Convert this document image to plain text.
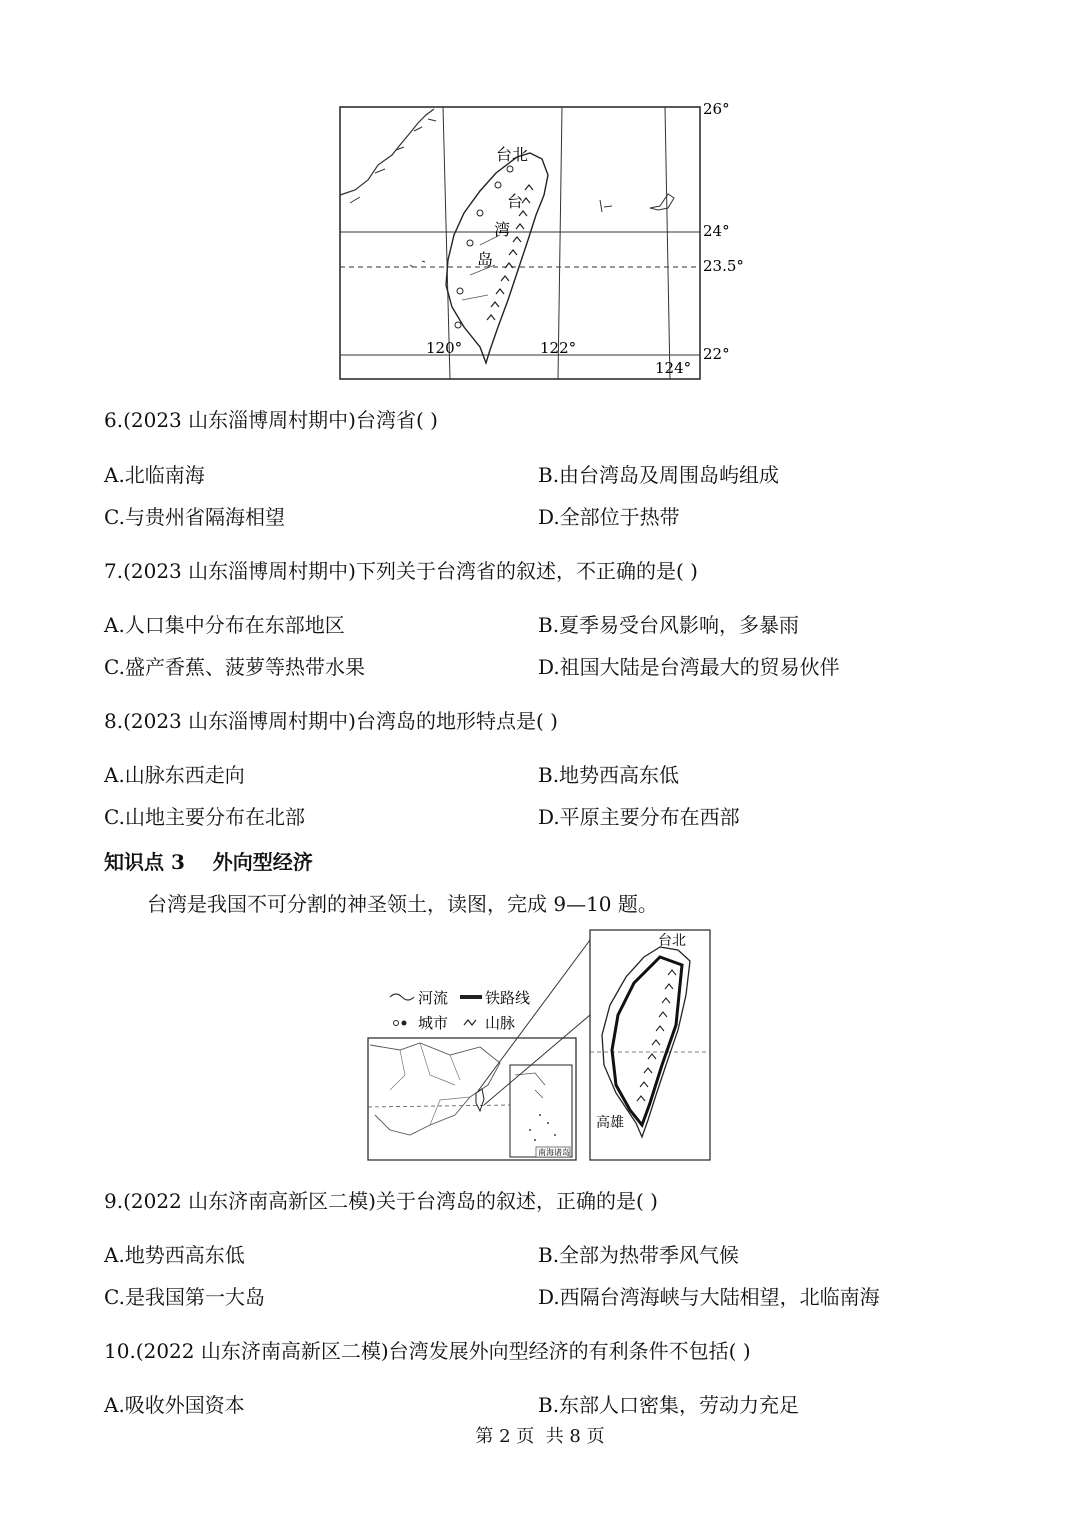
26°
24°
23.5°
22°
120°	122°
124°
台北
台
湾
岛
6.(2023 山东淄博周村期中)台湾省( )
A.北临南海	B.由台湾岛及周围岛屿组成
C.与贵州省隔海相望	D.全部位于热带
7.(2023 山东淄博周村期中)下列关于台湾省的叙述，不正确的是( )
A.人口集中分布在东部地区	B.夏季易受台风影响，多暴雨
C.盛产香蕉、菠萝等热带水果	D.祖国大陆是台湾最大的贸易伙伴
8.(2023 山东淄博周村期中)台湾岛的地形特点是( )
A.山脉东西走向	B.地势西高东低
C.山地主要分布在北部	D.平原主要分布在西部
知识点 3    外向型经济
台湾是我国不可分割的神圣领土，读图，完成 9—10 题。
河流 铁路线
城市 山脉
南海诸岛
台北
高雄
9.(2022 山东济南高新区二模)关于台湾岛的叙述，正确的是( )
A.地势西高东低	B.全部为热带季风气候
C.是我国第一大岛	D.西隔台湾海峡与大陆相望，北临南海
10.(2022 山东济南高新区二模)台湾发展外向型经济的有利条件不包括( )
A.吸收外国资本	B.东部人口密集，劳动力充足
第 2 页  共 8 页
